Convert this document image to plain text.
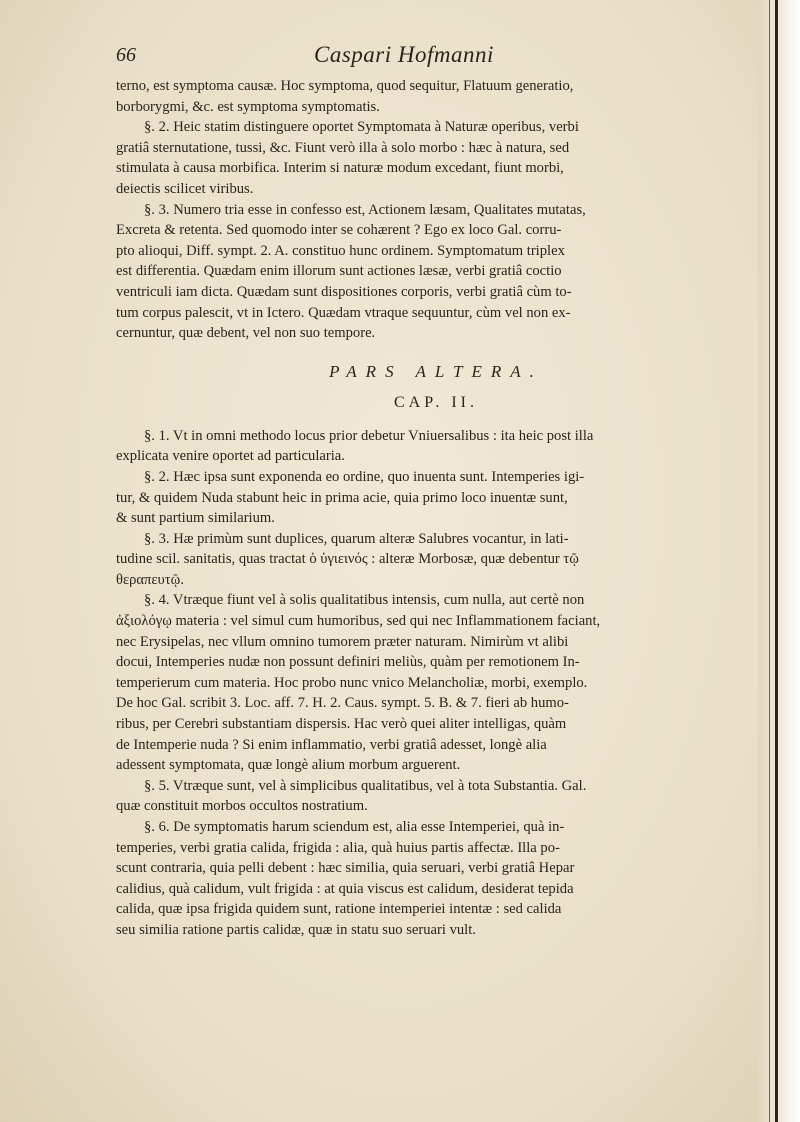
66	Caspari Hofmanni
terno, est symptoma causæ. Hoc symptoma, quod sequitur, Flatuum generatio,
borborygmi, &c. est symptoma symptomatis.
§. 2. Heic statim distinguere oportet Symptomata à Naturæ operibus, verbi
gratiâ sternutatione, tussi, &c. Fiunt verò illa à solo morbo : hæc à natura, sed
stimulata à causa morbifica. Interim si naturæ modum excedant, fiunt morbi,
deiectis scilicet viribus.
§. 3. Numero tria esse in confesso est, Actionem læsam, Qualitates mutatas,
Excreta & retenta. Sed quomodo inter se cohærent ? Ego ex loco Gal. corru-
pto alioqui, Diff. sympt. 2. A. constituo hunc ordinem. Symptomatum triplex
est differentia. Quædam enim illorum sunt actiones læsæ, verbi gratiâ coctio
ventriculi iam dicta. Quædam sunt dispositiones corporis, verbi gratiâ cùm to-
tum corpus palescit, vt in Ictero. Quædam vtraque sequuntur, cùm vel non ex-
cernuntur, quæ debent, vel non suo tempore.
PARS ALTERA.
CAP. II.
§. 1. Vt in omni methodo locus prior debetur Vniuersalibus : ita heic post illa
explicata venire oportet ad particularia.
§. 2. Hæc ipsa sunt exponenda eo ordine, quo inuenta sunt. Intemperies igi-
tur, & quidem Nuda stabunt heic in prima acie, quia primo loco inuentæ sunt,
& sunt partium similarium.
§. 3. Hæ primùm sunt duplices, quarum alteræ Salubres vocantur, in lati-
tudine scil. sanitatis, quas tractat ὁ ὑγιεινός : alteræ Morbosæ, quæ debentur τῷ
θεραπευτῷ.
§. 4. Vtræque fiunt vel à solis qualitatibus intensis, cum nulla, aut certè non
ἀξιολόγῳ materia : vel simul cum humoribus, sed qui nec Inflammationem faciant,
nec Erysipelas, nec vllum omnino tumorem præter naturam. Nimirùm vt alibi
docui, Intemperies nudæ non possunt definiri meliùs, quàm per remotionem In-
temperierum cum materia. Hoc probo nunc vnico Melancholiæ, morbi, exemplo.
De hoc Gal. scribit 3. Loc. aff. 7. H. 2. Caus. sympt. 5. B. & 7. fieri ab humo-
ribus, per Cerebri substantiam dispersis. Hac verò quei aliter intelligas, quàm
de Intemperie nuda ? Si enim inflammatio, verbi gratiâ adesset, longè alia
adessent symptomata, quæ longè alium morbum arguerent.
§. 5. Vtræque sunt, vel à simplicibus qualitatibus, vel à tota Substantia. Gal.
quæ constituit morbos occultos nostratium.
§. 6. De symptomatis harum sciendum est, alia esse Intemperiei, quà in-
temperies, verbi gratia calida, frigida : alia, quà huius partis affectæ. Illa po-
scunt contraria, quia pelli debent : hæc similia, quia seruari, verbi gratiâ Hepar
calidius, quà calidum, vult frigida : at quia viscus est calidum, desiderat tepida
calida, quæ ipsa frigida quidem sunt, ratione intemperiei intentæ : sed calida
seu similia ratione partis calidæ, quæ in statu suo seruari vult.
